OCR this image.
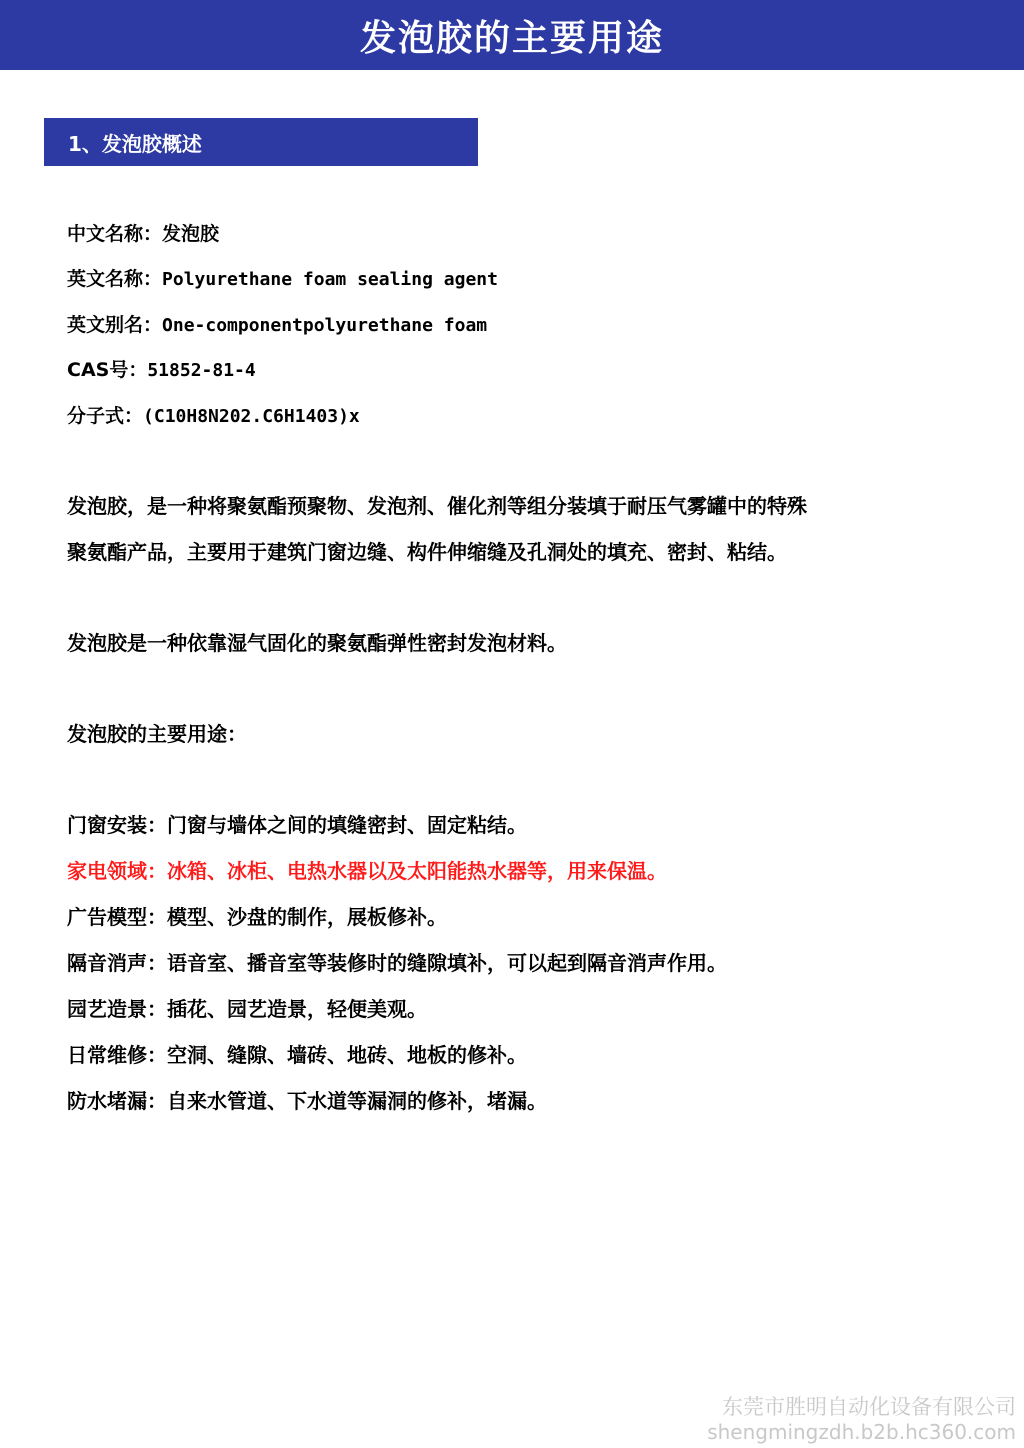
发泡胶的主要用途
1、发泡胶概述
中文名称：发泡胶
英文名称：Polyurethane foam sealing agent
英文别名：One-componentpolyurethane foam
CAS号：51852-81-4
分子式：(C10H8N202.C6H1403)x
发泡胶，是一种将聚氨酯预聚物、发泡剂、催化剂等组分装填于耐压气雾罐中的特殊
聚氨酯产品，主要用于建筑门窗边缝、构件伸缩缝及孔洞处的填充、密封、粘结。
发泡胶是一种依靠湿气固化的聚氨酯弹性密封发泡材料。
发泡胶的主要用途：
门窗安装：门窗与墙体之间的填缝密封、固定粘结。
家电领域：冰箱、冰柜、电热水器以及太阳能热水器等，用来保温。
广告模型：模型、沙盘的制作，展板修补。
隔音消声：语音室、播音室等装修时的缝隙填补，可以起到隔音消声作用。
园艺造景：插花、园艺造景，轻便美观。
日常维修：空洞、缝隙、墙砖、地砖、地板的修补。
防水堵漏：自来水管道、下水道等漏洞的修补，堵漏。
东莞市胜明自动化设备有限公司
shengmingzdh.b2b.hc360.com
